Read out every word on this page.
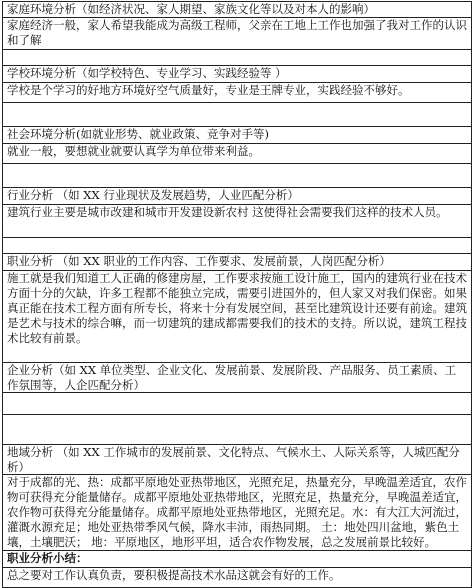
家庭环境分析（如经济状况、家人期望、家族文化等以及对本人的影响）
家庭经济一般，家人希望我能成为高级工程师，父亲在工地上工作也加强了我对工作的认识和了解
学校环境分析（如学校特色、专业学习、实践经验等 ）
学校是个学习的好地方环境好空气质量好，专业是王牌专业，实践经验不够好。
社会环境分析(如就业形势、就业政策、竞争对手等)
就业一般，要想就业就要认真学为单位带来利益。
行业分析 （如 XX 行业现状及发展趋势，人业匹配分析）
建筑行业主要是城市改建和城市开发建设新农村 这使得社会需要我们这样的技术人员。
职业分析 （如 XX 职业的工作内容、工作要求、发展前景，人岗匹配分析）
施工就是我们知道工人正确的修建房屋，工作要求按施工设计施工，国内的建筑行业在技术方面十分的欠缺，许多工程都不能独立完成，需要引进国外的，但人家又对我们保密。如果真正能在技术工程方面有所专长，将来十分有发展空间，甚至比建筑设计还要有前途。建筑是艺术与技术的综合嘛，而一切建筑的建成都需要我们的技术的支持。所以说，建筑工程技术比较有前景。
企业分析（如 XX 单位类型、企业文化、发展前景、发展阶段、产品服务、员工素质、工作氛围等，人企匹配分析）
地域分析 （如 XX 工作城市的发展前景、文化特点、气候水土、人际关系等，人城匹配分析）
对于成都的光、热：成都平原地处亚热带地区，光照充足，热量充分，早晚温差适宜，农作物可获得充分能量储存。成都平原地处亚热带地区，光照充足，热量充分，早晚温差适宜，农作物可获得充分能量储存。成都平原地处亚热带地区，光照充足。水：有大江大河流过，灌溉水源充足；地处亚热带季风气候，降水丰沛，雨热同期。 土：地处四川盆地，紫色土壤，土壤肥沃； 地：平原地区，地形平坦，适合农作物发展，总之发展前景比较好。
职业分析小结：
总之要对工作认真负责，要积极提高技术水品这就会有好的工作。
